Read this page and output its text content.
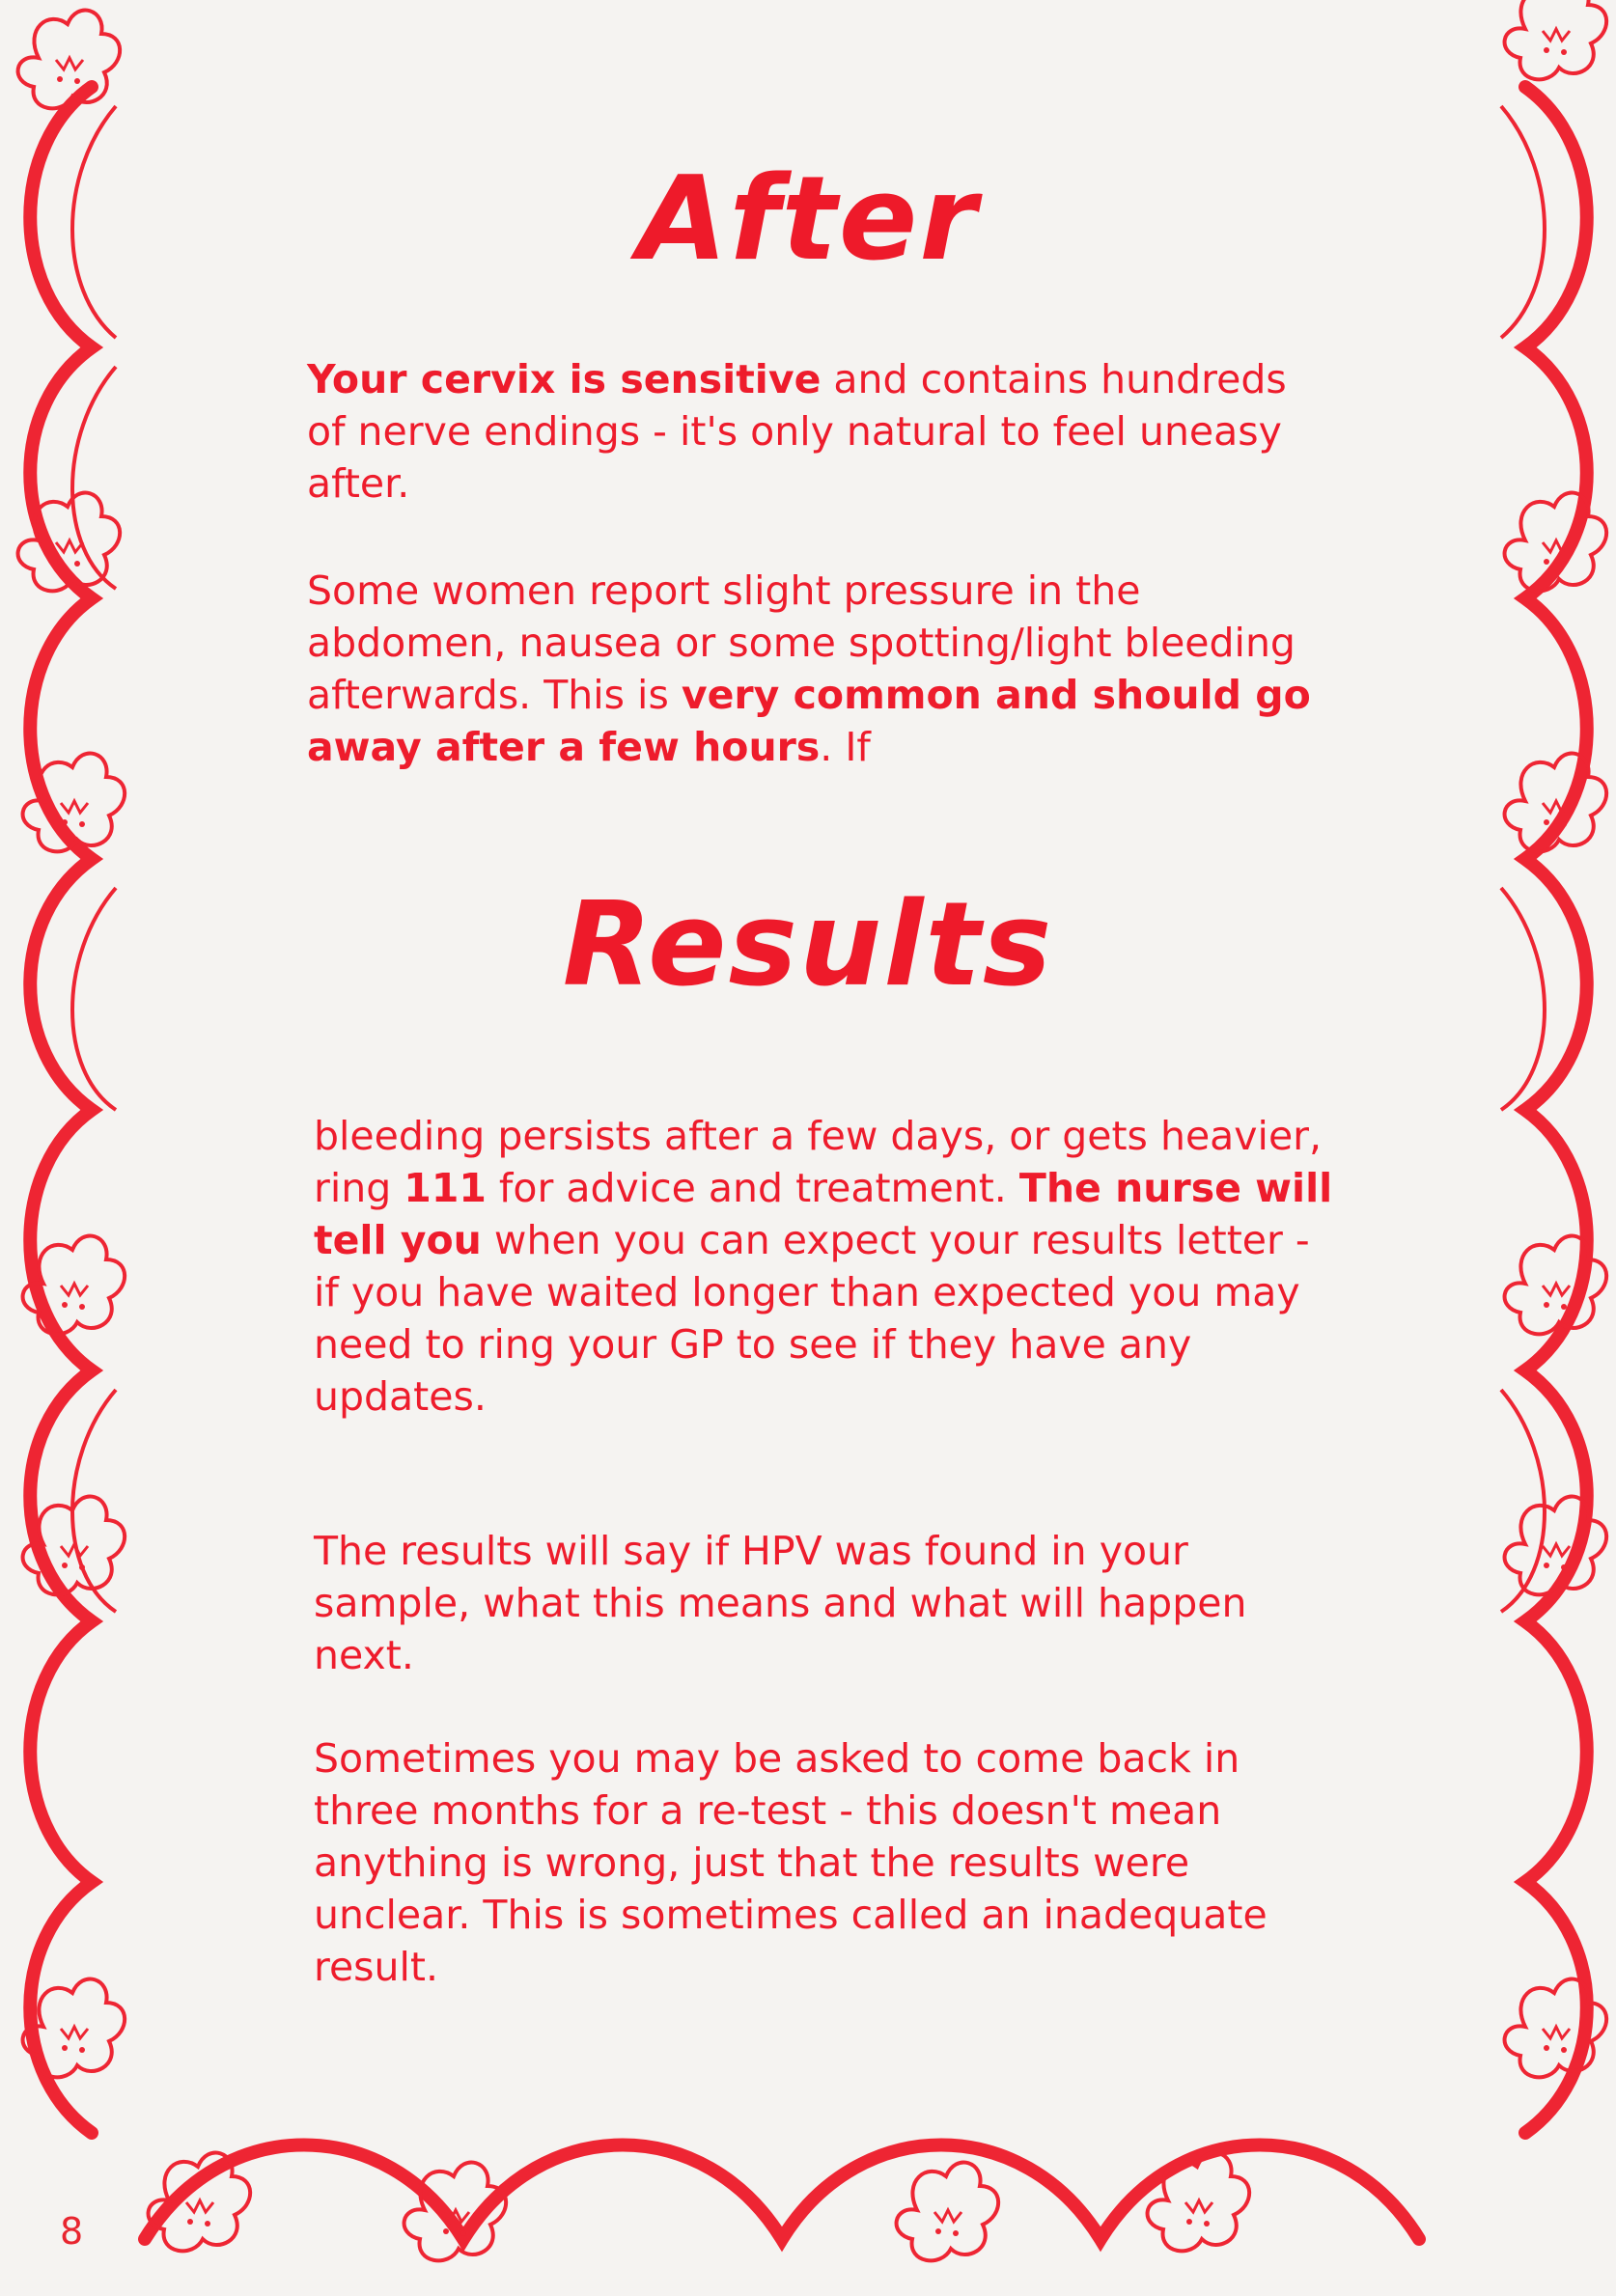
After

Your cervix is sensitive and contains hundreds of nerve endings - it's only natural to feel uneasy after.

Some women report slight pressure in the abdomen, nausea or some spotting/light bleeding afterwards. This is very common and should go away after a few hours. If

Results

bleeding persists after a few days, or gets heavier, ring 111 for advice and treatment. The nurse will tell you when you can expect your results letter - if you have waited longer than expected you may need to ring your GP to see if they have any updates.

The results will say if HPV was found in your sample, what this means and what will happen next.

Sometimes you may be asked to come back in three months for a re-test - this doesn't mean anything is wrong, just that the results were unclear. This is sometimes called an inadequate result.

8
